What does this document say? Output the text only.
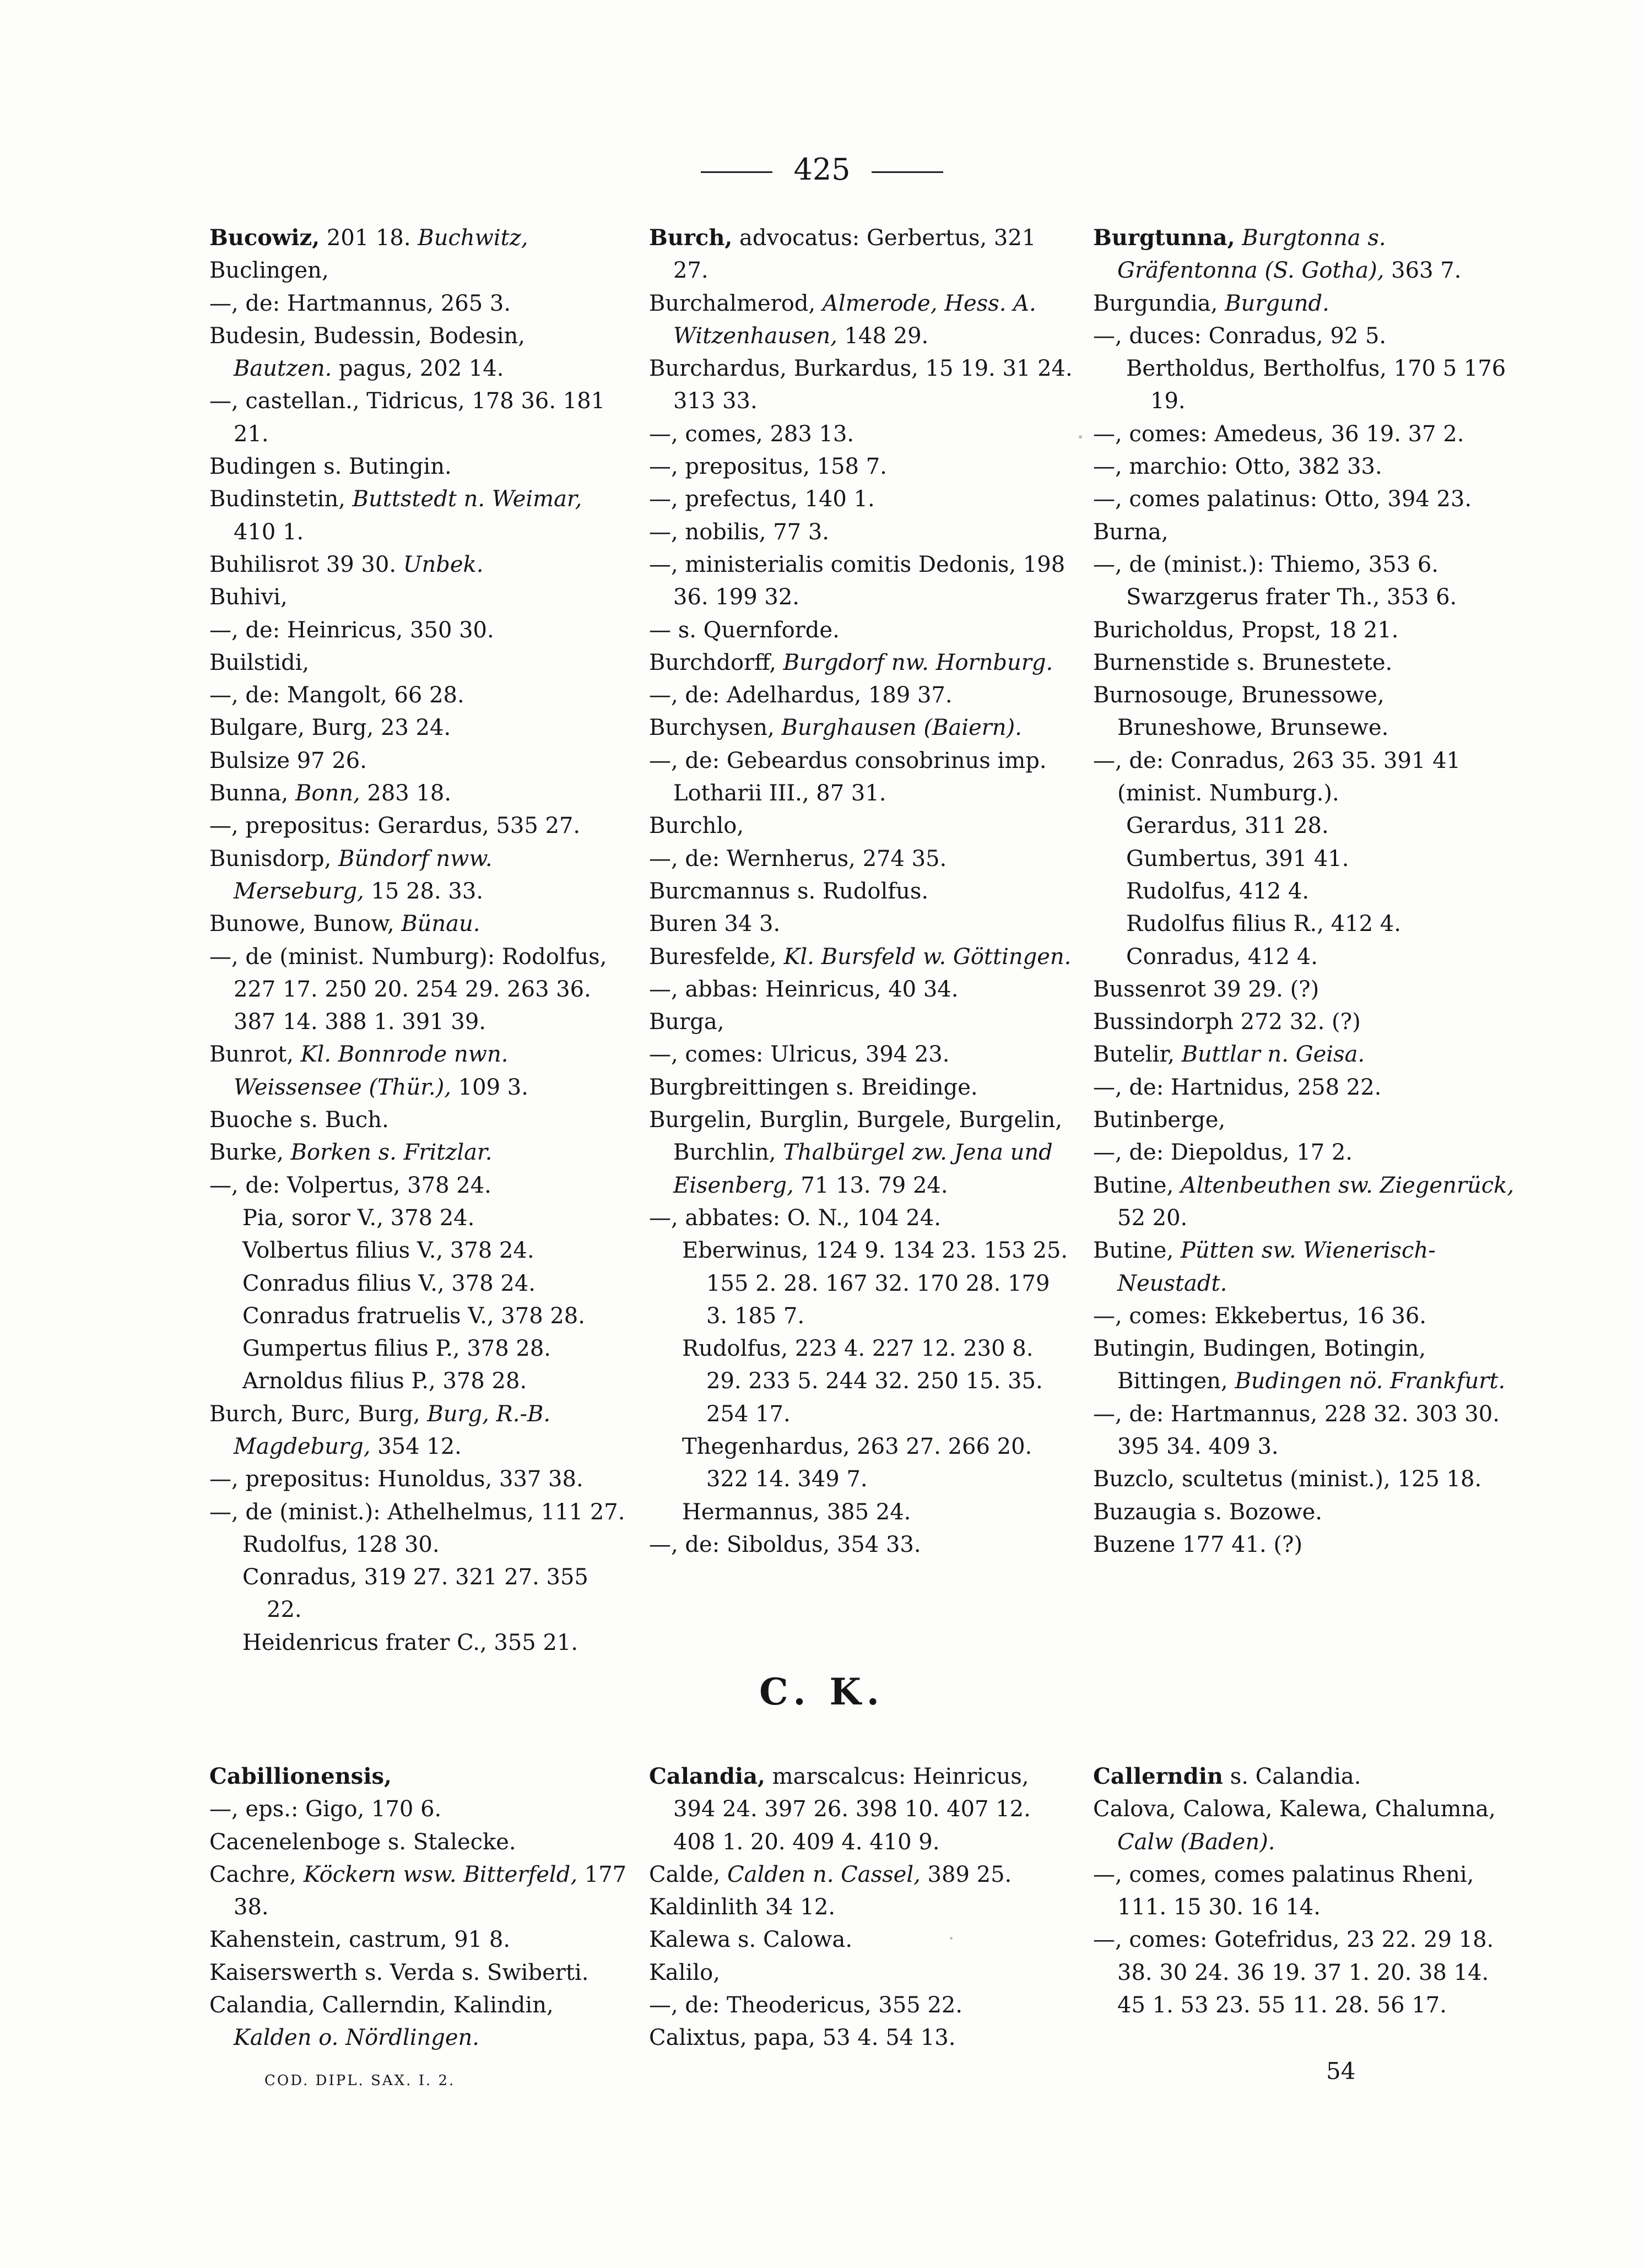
425

Bucowiz, 201 18. Buchwitz,

Buclingen,

—, de: Hartmannus, 265 3.

Budesin, Budessin, Bodesin, Bautzen. pagus, 202 14.

—, castellan., Tidricus, 178 36. 181 21.

Budingen s. Butingin.

Budinstetin, Buttstedt n. Weimar, 410 1.

Buhilisrot 39 30. Unbek.

Buhivi,

—, de: Heinricus, 350 30.

Builstidi,

—, de: Mangolt, 66 28.

Bulgare, Burg, 23 24.

Bulsize 97 26.

Bunna, Bonn, 283 18.

—, prepositus: Gerardus, 535 27.

Bunisdorp, Bündorf nww. Merseburg, 15 28. 33.

Bunowe, Bunow, Bünau.

—, de (minist. Numburg): Rodolfus, 227 17. 250 20. 254 29. 263 36. 387 14. 388 1. 391 39.

Bunrot, Kl. Bonnrode nwn. Weissensee (Thür.), 109 3.

Buoche s. Buch.

Burke, Borken s. Fritzlar.

—, de: Volpertus, 378 24.

Pia, soror V., 378 24.

Volbertus filius V., 378 24.

Conradus filius V., 378 24.

Conradus fratruelis V., 378 28.

Gumpertus filius P., 378 28.

Arnoldus filius P., 378 28.

Burch, Burc, Burg, Burg, R.-B. Magdeburg, 354 12.

—, prepositus: Hunoldus, 337 38.

—, de (minist.): Athelhelmus, 111 27.

Rudolfus, 128 30.

Conradus, 319 27. 321 27. 355 22.

Heidenricus frater C., 355 21.

Burch, advocatus: Gerbertus, 321 27.

Burchalmerod, Almerode, Hess. A. Witzenhausen, 148 29.

Burchardus, Burkardus, 15 19. 31 24. 313 33.

—, comes, 283 13.

—, prepositus, 158 7.

—, prefectus, 140 1.

—, nobilis, 77 3.

—, ministerialis comitis Dedonis, 198 36. 199 32.

— s. Quernforde.

Burchdorff, Burgdorf nw. Hornburg.

—, de: Adelhardus, 189 37.

Burchysen, Burghausen (Baiern).

—, de: Gebeardus consobrinus imp. Lotharii III., 87 31.

Burchlo,

—, de: Wernherus, 274 35.

Burcmannus s. Rudolfus.

Buren 34 3.

Buresfelde, Kl. Bursfeld w. Göttingen.

—, abbas: Heinricus, 40 34.

Burga,

—, comes: Ulricus, 394 23.

Burgbreittingen s. Breidinge.

Burgelin, Burglin, Burgele, Burgelin, Burchlin, Thalbürgel zw. Jena und Eisenberg, 71 13. 79 24.

—, abbates: O. N., 104 24.

Eberwinus, 124 9. 134 23. 153 25. 155 2. 28. 167 32. 170 28. 179 3. 185 7.

Rudolfus, 223 4. 227 12. 230 8. 29. 233 5. 244 32. 250 15. 35. 254 17.

Thegenhardus, 263 27. 266 20. 322 14. 349 7.

Hermannus, 385 24.

—, de: Siboldus, 354 33.

Burgtunna, Burgtonna s. Gräfentonna (S. Gotha), 363 7.

Burgundia, Burgund.

—, duces: Conradus, 92 5.

Bertholdus, Bertholfus, 170 5 176 19.

—, comes: Amedeus, 36 19. 37 2.

—, marchio: Otto, 382 33.

—, comes palatinus: Otto, 394 23.

Burna,

—, de (minist.): Thiemo, 353 6.

Swarzgerus frater Th., 353 6.

Buricholdus, Propst, 18 21.

Burnenstide s. Brunestete.

Burnosouge, Brunessowe, Bruneshowe, Brunsewe.

—, de: Conradus, 263 35. 391 41 (minist. Numburg.).

Gerardus, 311 28.

Gumbertus, 391 41.

Rudolfus, 412 4.

Rudolfus filius R., 412 4.

Conradus, 412 4.

Bussenrot 39 29. (?)

Bussindorph 272 32. (?)

Butelir, Buttlar n. Geisa.

—, de: Hartnidus, 258 22.

Butinberge,

—, de: Diepoldus, 17 2.

Butine, Altenbeuthen sw. Ziegenrück, 52 20.

Butine, Pütten sw. Wienerisch-Neustadt.

—, comes: Ekkebertus, 16 36.

Butingin, Budingen, Botingin, Bittingen, Budingen nö. Frankfurt.

—, de: Hartmannus, 228 32. 303 30. 395 34. 409 3.

Buzclo, scultetus (minist.), 125 18.

Buzaugia s. Bozowe.

Buzene 177 41. (?)

C. K.

Cabillionensis,

—, eps.: Gigo, 170 6.

Cacenelenboge s. Stalecke.

Cachre, Köckern wsw. Bitterfeld, 177 38.

Kahenstein, castrum, 91 8.

Kaiserswerth s. Verda s. Swiberti.

Calandia, Callerndin, Kalindin, Kalden o. Nördlingen.

Calandia, marscalcus: Heinricus, 394 24. 397 26. 398 10. 407 12. 408 1. 20. 409 4. 410 9.

Calde, Calden n. Cassel, 389 25.

Kaldinlith 34 12.

Kalewa s. Calowa.

Kalilo,

—, de: Theodericus, 355 22.

Calixtus, papa, 53 4. 54 13.

Callerndin s. Calandia.

Calova, Calowa, Kalewa, Chalumna, Calw (Baden).

—, comes, comes palatinus Rheni, 111. 15 30. 16 14.

—, comes: Gotefridus, 23 22. 29 18. 38. 30 24. 36 19. 37 1. 20. 38 14. 45 1. 53 23. 55 11. 28. 56 17.

COD. DIPL. SAX. I. 2.	54
